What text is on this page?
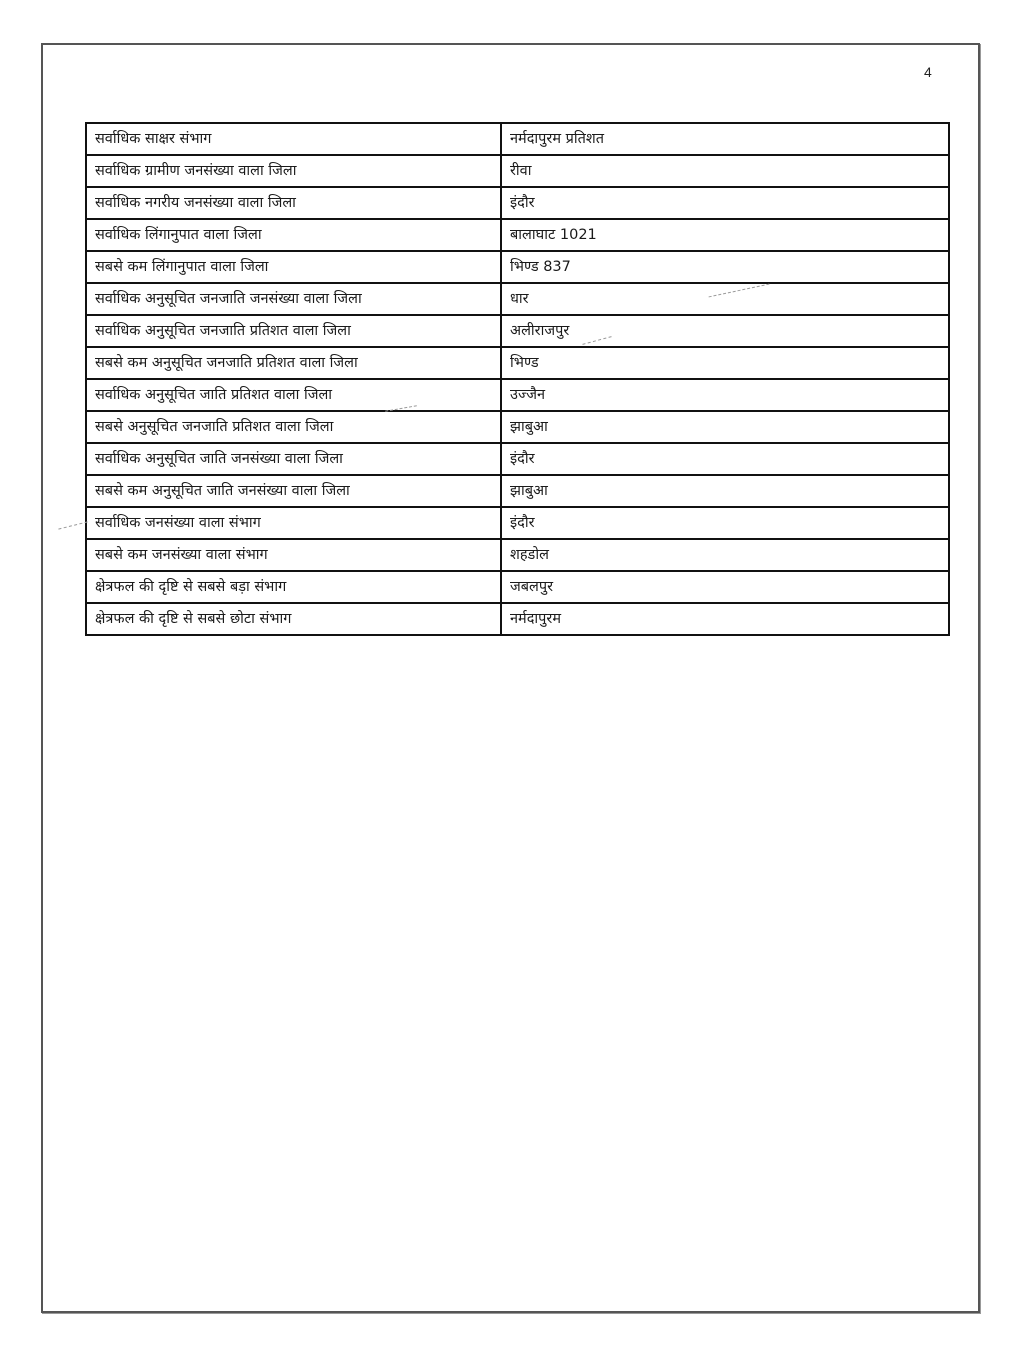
4
सर्वाधिक साक्षर संभाग	नर्मदापुरम प्रतिशत
सर्वाधिक ग्रामीण जनसंख्या वाला जिला	रीवा
सर्वाधिक नगरीय जनसंख्या वाला जिला	इंदौर
सर्वाधिक लिंगानुपात वाला जिला	बालाघाट 1021
सबसे कम लिंगानुपात वाला जिला	भिण्ड 837
सर्वाधिक अनुसूचित जनजाति जनसंख्या वाला जिला	धार
सर्वाधिक अनुसूचित जनजाति प्रतिशत वाला जिला	अलीराजपुर
सबसे कम अनुसूचित जनजाति प्रतिशत वाला जिला	भिण्ड
सर्वाधिक अनुसूचित जाति प्रतिशत वाला जिला	उज्जैन
सबसे अनुसूचित जनजाति प्रतिशत वाला जिला	झाबुआ
सर्वाधिक अनुसूचित जाति जनसंख्या वाला जिला	इंदौर
सबसे कम अनुसूचित जाति जनसंख्या वाला जिला	झाबुआ
सर्वाधिक जनसंख्या वाला संभाग	इंदौर
सबसे कम जनसंख्या वाला संभाग	शहडोल
क्षेत्रफल की दृष्टि से सबसे बड़ा संभाग	जबलपुर
क्षेत्रफल की दृष्टि से सबसे छोटा संभाग	नर्मदापुरम
